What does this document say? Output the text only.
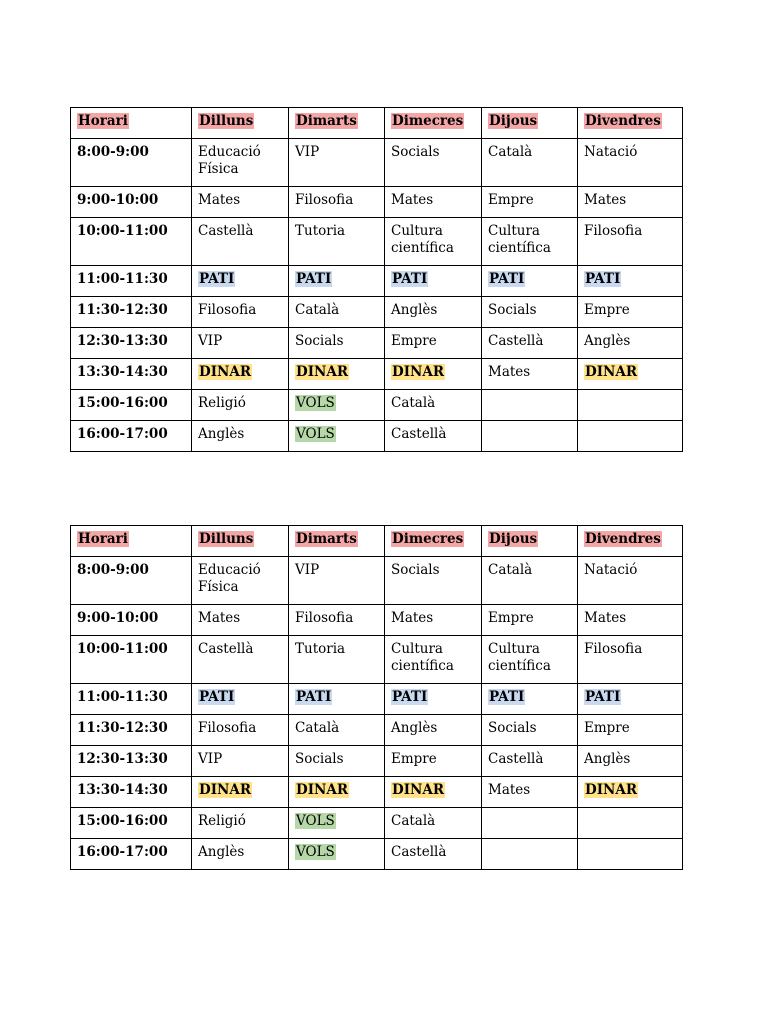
Horari	Dilluns	Dimarts	Dimecres	Dijous	Divendres
8:00-9:00	Educació Física	VIP	Socials	Català	Natació
9:00-10:00	Mates	Filosofia	Mates	Empre	Mates
10:00-11:00	Castellà	Tutoria	Cultura científica	Cultura científica	Filosofia
11:00-11:30	PATI	PATI	PATI	PATI	PATI
11:30-12:30	Filosofia	Català	Anglès	Socials	Empre
12:30-13:30	VIP	Socials	Empre	Castellà	Anglès
13:30-14:30	DINAR	DINAR	DINAR	Mates	DINAR
15:00-16:00	Religió	VOLS	Català		
16:00-17:00	Anglès	VOLS	Castellà		
Horari	Dilluns	Dimarts	Dimecres	Dijous	Divendres
8:00-9:00	Educació Física	VIP	Socials	Català	Natació
9:00-10:00	Mates	Filosofia	Mates	Empre	Mates
10:00-11:00	Castellà	Tutoria	Cultura científica	Cultura científica	Filosofia
11:00-11:30	PATI	PATI	PATI	PATI	PATI
11:30-12:30	Filosofia	Català	Anglès	Socials	Empre
12:30-13:30	VIP	Socials	Empre	Castellà	Anglès
13:30-14:30	DINAR	DINAR	DINAR	Mates	DINAR
15:00-16:00	Religió	VOLS	Català		
16:00-17:00	Anglès	VOLS	Castellà		
